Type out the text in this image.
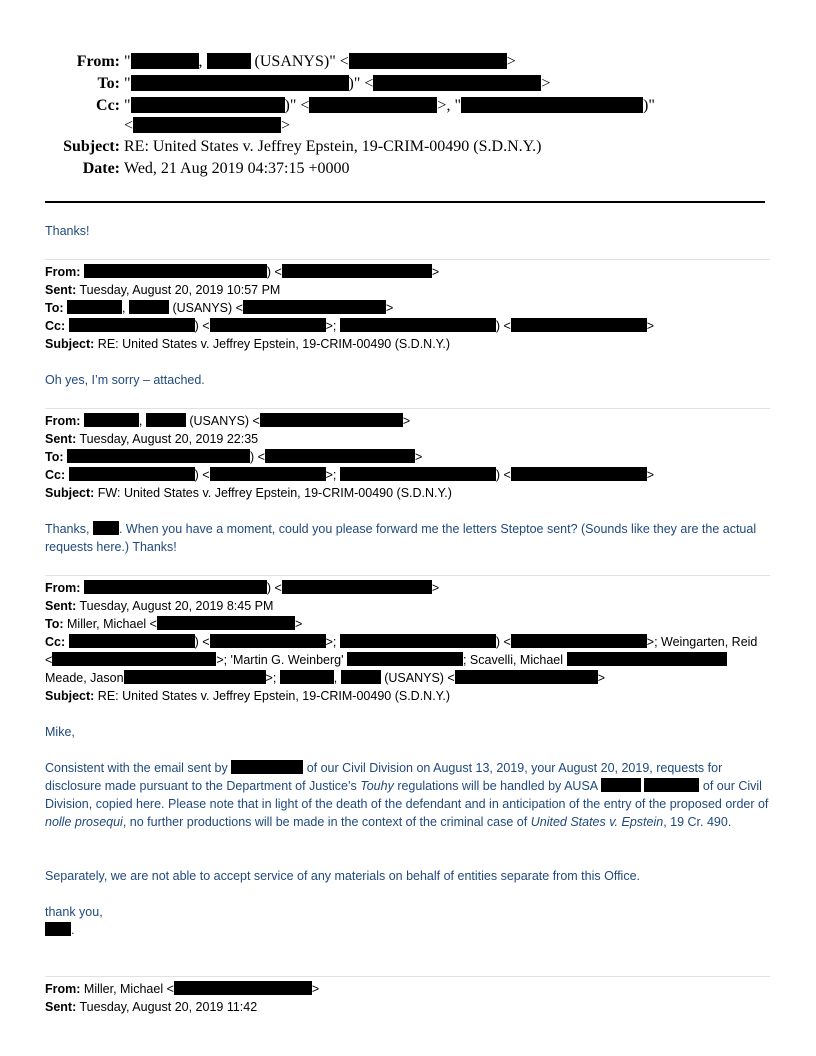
From: "	,	(USANYS)" <	>
To: "	)" <	>
Cc: "	)" <	>, "	)"
<	>
Subject: RE: United States v. Jeffrey Epstein, 19-CRIM-00490 (S.D.N.Y.)
Date: Wed, 21 Aug 2019 04:37:15 +0000
Thanks!
From:	) <	>
Sent: Tuesday, August 20, 2019 10:57 PM
To:	,	(USANYS) <	>
Cc:	) <	>;	) <	>
Subject: RE: United States v. Jeffrey Epstein, 19-CRIM-00490 (S.D.N.Y.)
Oh yes, I’m sorry – attached.
From:	,	(USANYS) <	>
Sent: Tuesday, August 20, 2019 22:35
To:	) <	>
Cc:	) <	>;	) <	>
Subject: FW: United States v. Jeffrey Epstein, 19-CRIM-00490 (S.D.N.Y.)
Thanks, . When you have a moment, could you please forward me the letters Steptoe sent? (Sounds like they are the actual requests here.) Thanks!
From:	) <	>
Sent: Tuesday, August 20, 2019 8:45 PM
To: Miller, Michael <	>
Cc:	) <	>;	) <	>; Weingarten, Reid
<	>; 'Martin G. Weinberg'	; Scavelli, Michael
Meade, Jason	>;	,	(USANYS) <	>
Subject: RE: United States v. Jeffrey Epstein, 19-CRIM-00490 (S.D.N.Y.)
Mike,
Consistent with the email sent by	of our Civil Division on August 13, 2019, your August 20, 2019, requests for disclosure made pursuant to the Department of Justice’s Touhy regulations will be handled by AUSA	of our Civil Division, copied here. Please note that in light of the death of the defendant and in anticipation of the entry of the proposed order of nolle prosequi, no further productions will be made in the context of the criminal case of United States v. Epstein, 19 Cr. 490.
Separately, we are not able to accept service of any materials on behalf of entities separate from this Office.
thank you,
.
From: Miller, Michael <	>
Sent: Tuesday, August 20, 2019 11:42
